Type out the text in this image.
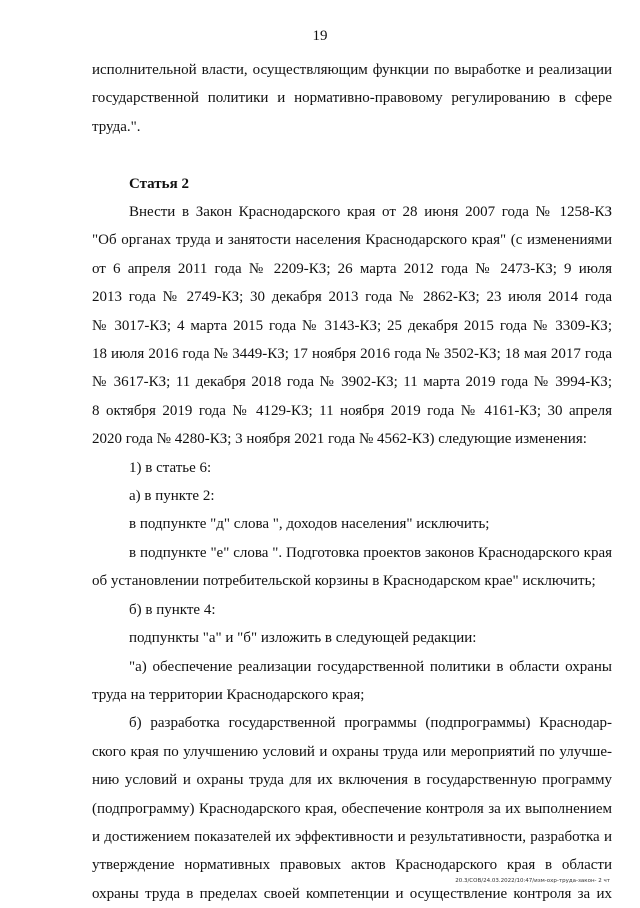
19

исполнительной власти, осуществляющим функции по выработке и реализации

государственной политики и нормативно-правовому регулированию в сфере

труда.".

Статья 2

Внести в Закон Краснодарского края от 28 июня 2007 года № 1258-КЗ

"Об органах труда и занятости населения Краснодарского края" (с изменениями

от 6 апреля 2011 года № 2209-КЗ; 26 марта 2012 года № 2473-КЗ; 9 июля

2013 года № 2749-КЗ; 30 декабря 2013 года № 2862-КЗ; 23 июля 2014 года

№ 3017-КЗ; 4 марта 2015 года № 3143-КЗ; 25 декабря 2015 года № 3309-КЗ;

18 июля 2016 года № 3449-КЗ; 17 ноября 2016 года № 3502-КЗ; 18 мая 2017 года

№ 3617-КЗ; 11 декабря 2018 года № 3902-КЗ; 11 марта 2019 года № 3994-КЗ;

8 октября 2019 года № 4129-КЗ; 11 ноября 2019 года № 4161-КЗ; 30 апреля

2020 года № 4280-КЗ; 3 ноября 2021 года № 4562-КЗ) следующие изменения:

1) в статье 6:

а) в пункте 2:

в подпункте "д" слова ", доходов населения" исключить;

в подпункте "е" слова ". Подготовка проектов законов Краснодарского края

об установлении потребительской корзины в Краснодарском крае" исключить;

б) в пункте 4:

подпункты "а" и "б" изложить в следующей редакции:

"а) обеспечение реализации государственной политики в области охраны

труда на территории Краснодарского края;

б) разработка государственной программы (подпрограммы) Краснодар-

ского края по улучшению условий и охраны труда или мероприятий по улучше-

нию условий и охраны труда для их включения в государственную программу

(подпрограмму) Краснодарского края, обеспечение контроля за их выполнением

и достижением показателей их эффективности и результативности, разработка и

утверждение нормативных правовых актов Краснодарского края в области

охраны труда в пределах своей компетенции и осуществление контроля за их

20.3/СОВ/24.03.2022/10:47/изм-охр-труда-закон- 2 чт
